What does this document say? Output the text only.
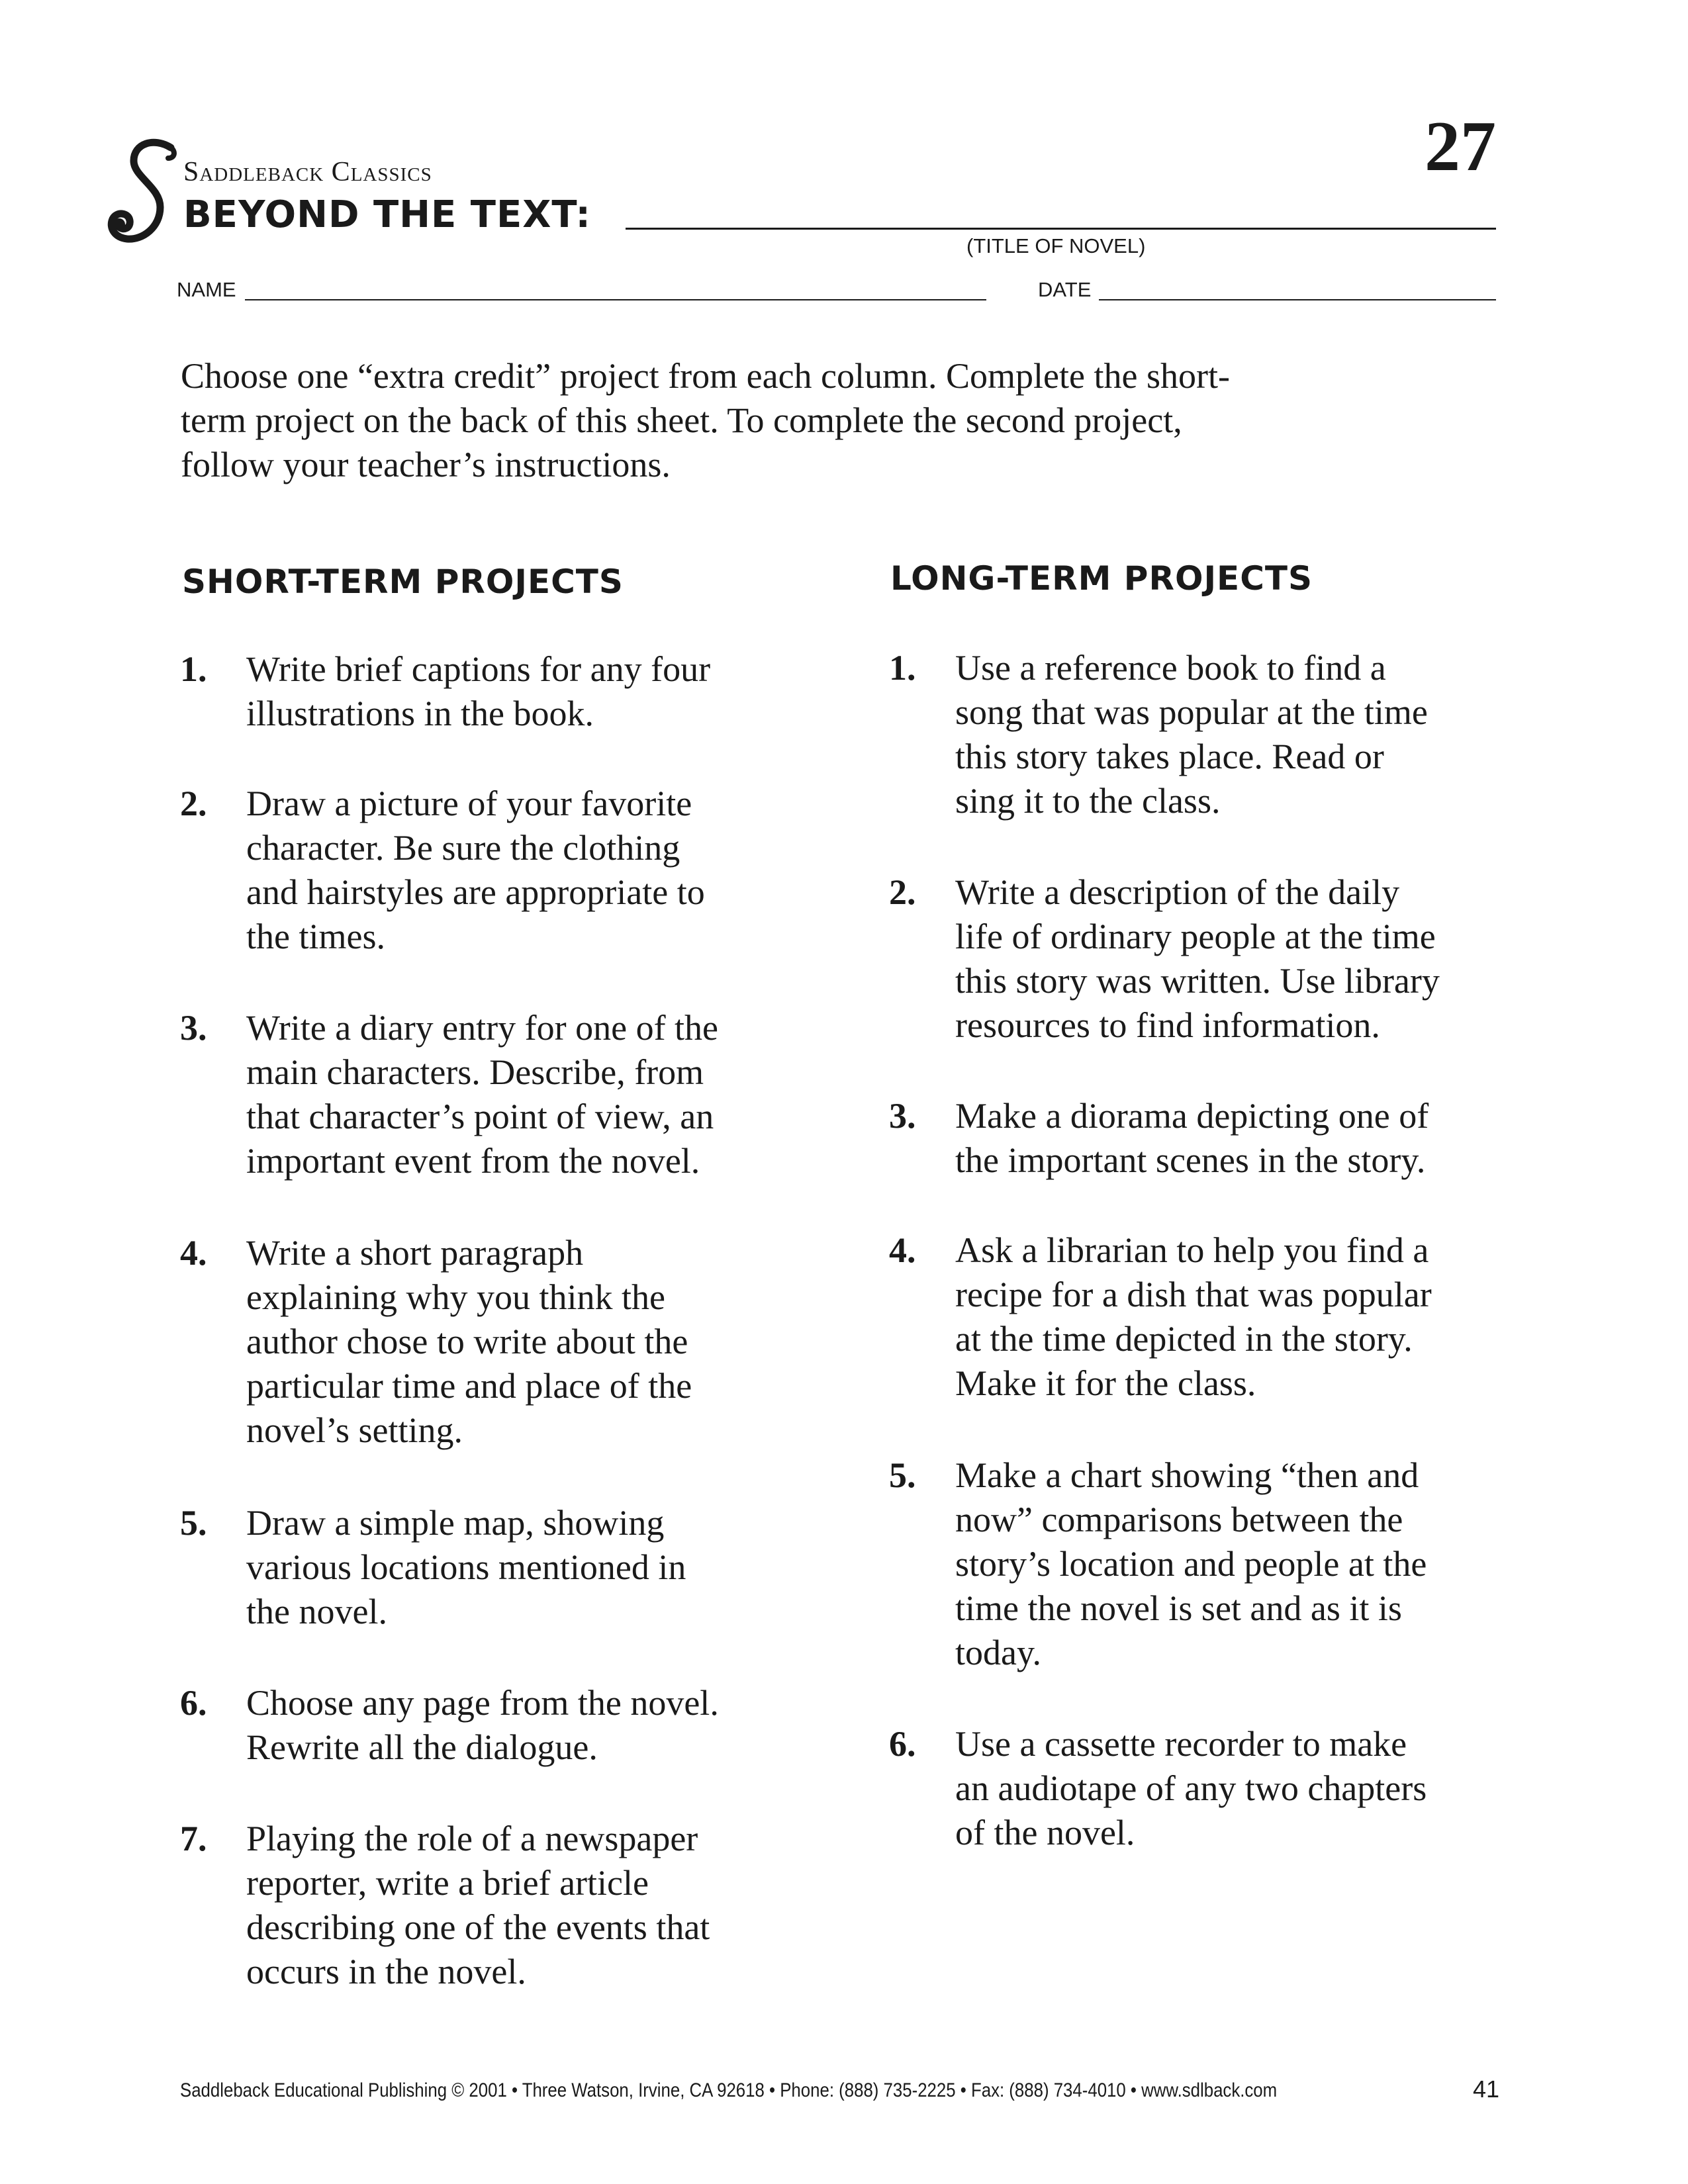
Saddleback Classics
BEYOND THE TEXT:
(TITLE OF NOVEL)
27
NAME	DATE
Choose one “extra credit” project from each column. Complete the short-
term project on the back of this sheet. To complete the second project,
follow your teacher’s instructions.
SHORT-TERM PROJECTS	LONG-TERM PROJECTS
1. Write brief captions for any four
illustrations in the book.
2. Draw a picture of your favorite
character. Be sure the clothing
and hairstyles are appropriate to
the times.
3. Write a diary entry for one of the
main characters. Describe, from
that character’s point of view, an
important event from the novel.
4. Write a short paragraph
explaining why you think the
author chose to write about the
particular time and place of the
novel’s setting.
5. Draw a simple map, showing
various locations mentioned in
the novel.
6. Choose any page from the novel.
Rewrite all the dialogue.
7. Playing the role of a newspaper
reporter, write a brief article
describing one of the events that
occurs in the novel.
1. Use a reference book to find a
song that was popular at the time
this story takes place. Read or
sing it to the class.
2. Write a description of the daily
life of ordinary people at the time
this story was written. Use library
resources to find information.
3. Make a diorama depicting one of
the important scenes in the story.
4. Ask a librarian to help you find a
recipe for a dish that was popular
at the time depicted in the story.
Make it for the class.
5. Make a chart showing “then and
now” comparisons between the
story’s location and people at the
time the novel is set and as it is
today.
6. Use a cassette recorder to make
an audiotape of any two chapters
of the novel.
Saddleback Educational Publishing © 2001 • Three Watson, Irvine, CA 92618 • Phone: (888) 735-2225 • Fax: (888) 734-4010 • www.sdlback.com	41
